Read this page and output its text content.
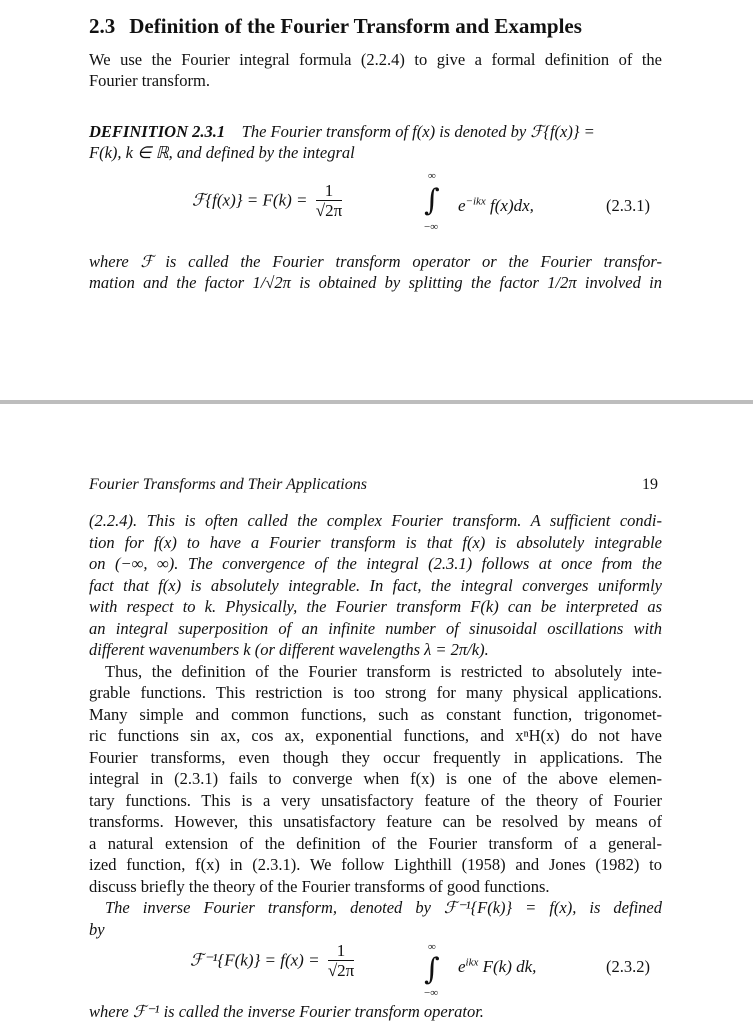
2.3 Definition of the Fourier Transform and Examples
We use the Fourier integral formula (2.2.4) to give a formal definition of the
Fourier transform.
DEFINITION 2.3.1 The Fourier transform of f(x) is denoted by ℱ{f(x)} =
F(k), k ∈ ℝ, and defined by the integral
ℱ{f(x)} = $F(k) = \frac{1}{√2\pi}$
∞
∫
−∞
$e^{-ikx}$ f(x)dx,	(2.3.1)
where ℱ is called the Fourier transform operator or the Fourier transfor-
mation and the factor 1/√2π is obtained by splitting the factor 1/2π involved in
Fourier Transforms and Their Applications	19
(2.2.4). This is often called the complex Fourier transform. A sufficient condi-
tion for f(x) to have a Fourier transform is that f(x) is absolutely integrable
on (−∞, ∞). The convergence of the integral (2.3.1) follows at once from the
fact that f(x) is absolutely integrable. In fact, the integral converges uniformly
with respect to k. Physically, the Fourier transform F(k) can be interpreted as
an integral superposition of an infinite number of sinusoidal oscillations with
different wavenumbers k (or different wavelengths λ = 2π/k).
Thus, the definition of the Fourier transform is restricted to absolutely inte-
grable functions. This restriction is too strong for many physical applications.
Many simple and common functions, such as constant function, trigonomet-
ric functions sin ax, cos ax, exponential functions, and xⁿH(x) do not have
Fourier transforms, even though they occur frequently in applications. The
integral in (2.3.1) fails to converge when f(x) is one of the above elemen-
tary functions. This is a very unsatisfactory feature of the theory of Fourier
transforms. However, this unsatisfactory feature can be resolved by means of
a natural extension of the definition of the Fourier transform of a general-
ized function, f(x) in (2.3.1). We follow Lighthill (1958) and Jones (1982) to
discuss briefly the theory of the Fourier transforms of good functions.
The inverse Fourier transform, denoted by ℱ⁻¹{F(k)} = f(x), is defined
by
ℱ⁻¹{F(k)} = $f(x) = \frac{1}{√2\pi}$	∞
∫
−∞
$e^{ikx}$ F(k) dk,	(2.3.2)
where ℱ⁻¹ is called the inverse Fourier transform operator.
